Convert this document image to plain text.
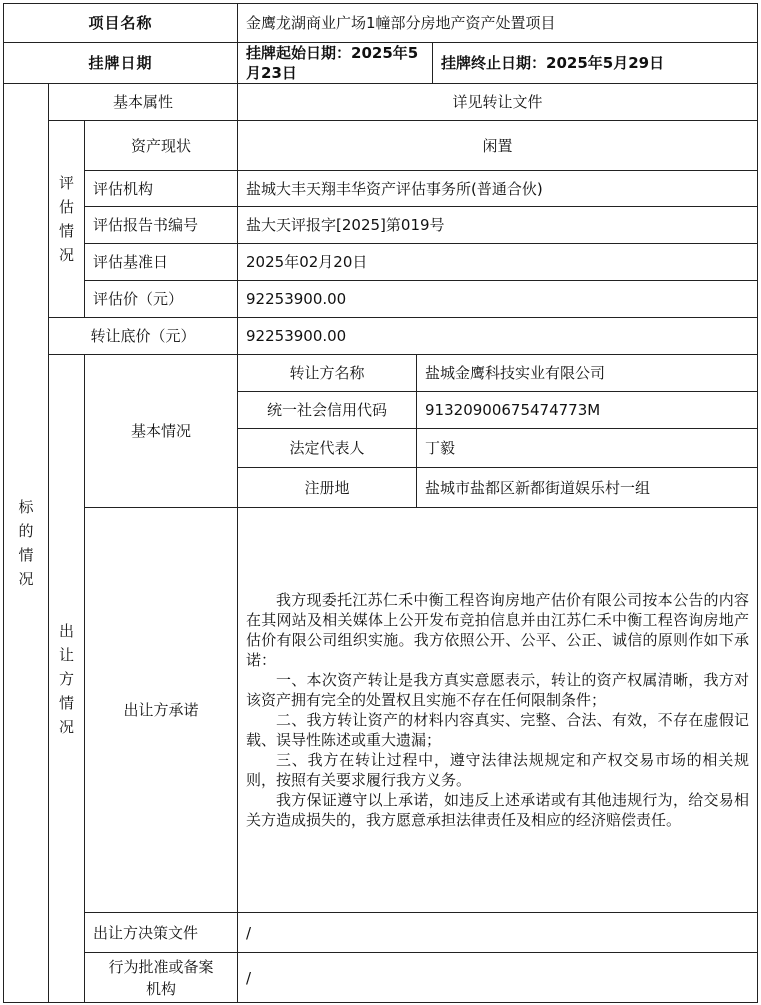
项目名称			金鹰龙湖商业广场1幢部分房地产资产处置项目		
挂牌日期			挂牌起始日期：2025年5月23日		挂牌终止日期：2025年5月29日

标的情况	基本属性		详见转让文件		

	评估情况	资产现状	闲置		
		评估机构	盐城大丰天翔丰华资产评估事务所(普通合伙)		
		评估报告书编号	盐大天评报字[2025]第019号		
		评估基准日	2025年02月20日		
		评估价（元）	92253900.00		
	转让底价（元）		92253900.00		

	出让方情况	基本情况	转让方名称	盐城金鹰科技实业有限公司	
			统一社会信用代码	91320900675474773M	
			法定代表人	丁毅	
			注册地	盐城市盐都区新都街道娱乐村一组	
		出让方承诺	我方现委托江苏仁禾中衡工程咨询房地产估价有限公司按本公告的内容在其网站及相关媒体上公开发布竞拍信息并由江苏仁禾中衡工程咨询房地产估价有限公司组织实施。我方依照公开、公平、公正、诚信的原则作如下承诺：

一、本次资产转让是我方真实意愿表示，转让的资产权属清晰，我方对该资产拥有完全的处置权且实施不存在任何限制条件；

二、我方转让资产的材料内容真实、完整、合法、有效，不存在虚假记载、误导性陈述或重大遗漏；

三、我方在转让过程中，遵守法律法规规定和产权交易市场的相关规则，按照有关要求履行我方义务。

我方保证遵守以上承诺，如违反上述承诺或有其他违规行为，给交易相关方造成损失的，我方愿意承担法律责任及相应的经济赔偿责任。		

		出让方决策文件	/		
		行为批准或备案机构	/		
